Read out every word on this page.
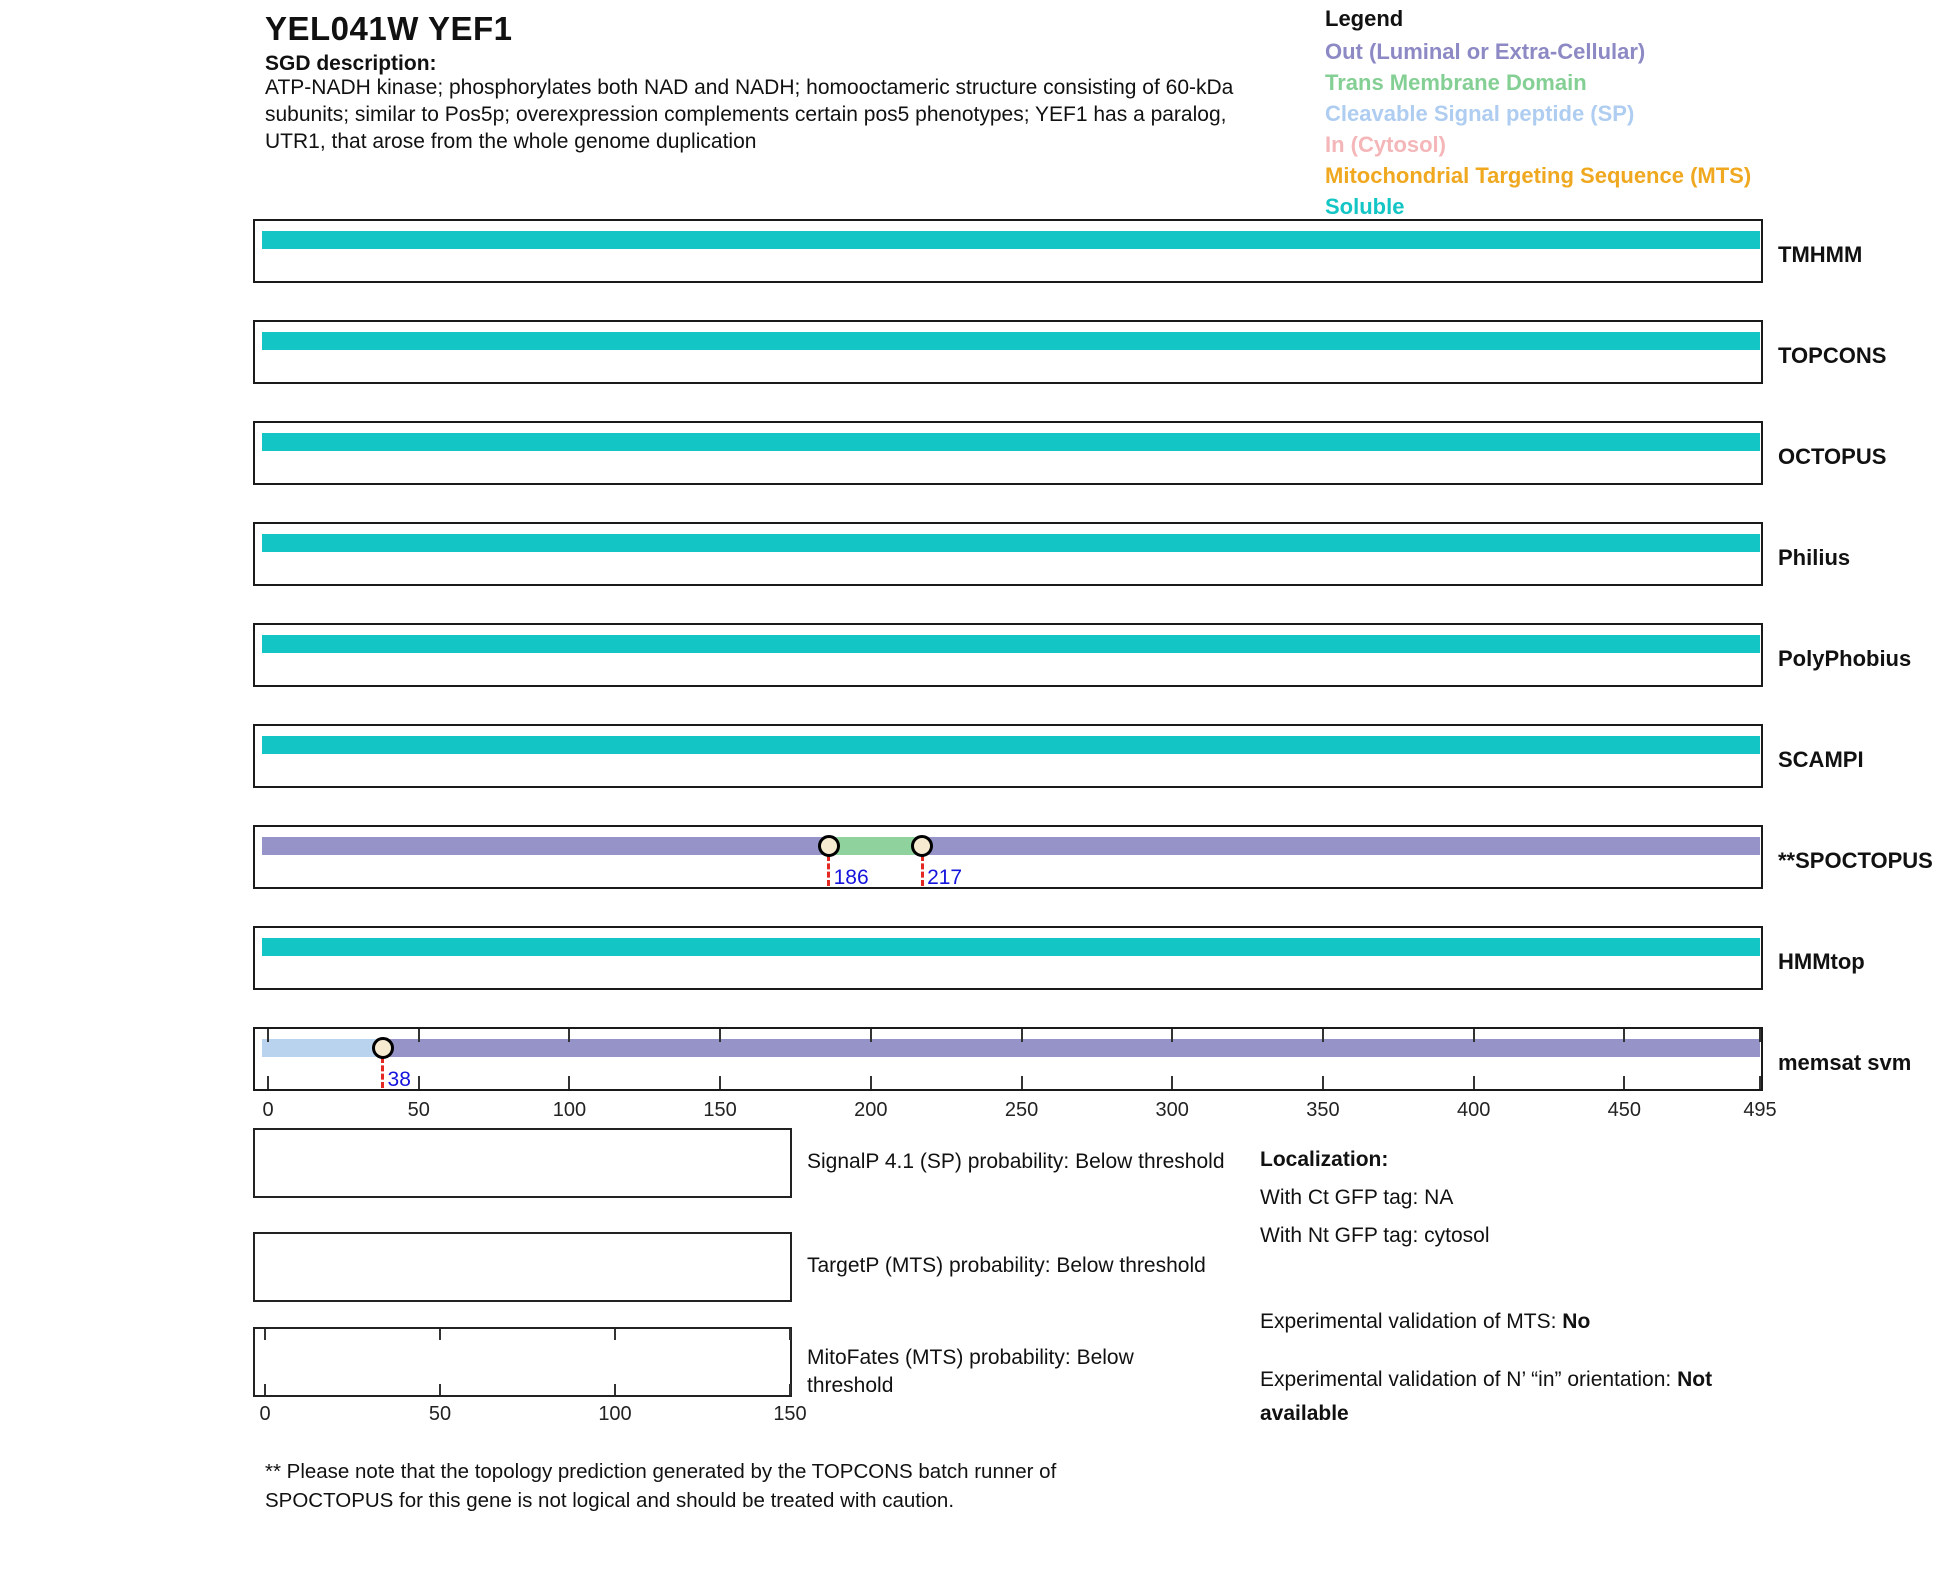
YEL041W YEF1
SGD description:
ATP-NADH kinase; phosphorylates both NAD and NADH; homooctameric structure consisting of 60-kDa
subunits; similar to Pos5p; overexpression complements certain pos5 phenotypes; YEF1 has a paralog,
UTR1, that arose from the whole genome duplication
Legend
Out (Luminal or Extra-Cellular)
Trans Membrane Domain
Cleavable Signal peptide (SP)
In (Cytosol)
Mitochondrial Targeting Sequence (MTS)
Soluble
TMHMM
TOPCONS
OCTOPUS
Philius
PolyPhobius
SCAMPI
186	217
**SPOCTOPUS
HMMtop
38
memsat svm
0	50	100	150	200	250	300	350	400	450	495
SignalP 4.1 (SP) probability: Below threshold
TargetP (MTS) probability: Below threshold
MitoFates (MTS) probability: Below
threshold
0	50	100	150
Localization:
With Ct GFP tag: NA
With Nt GFP tag: cytosol
Experimental validation of MTS: No
Experimental validation of N’ “in” orientation: Not
available
** Please note that the topology prediction generated by the TOPCONS batch runner of
SPOCTOPUS for this gene is not logical and should be treated with caution.
